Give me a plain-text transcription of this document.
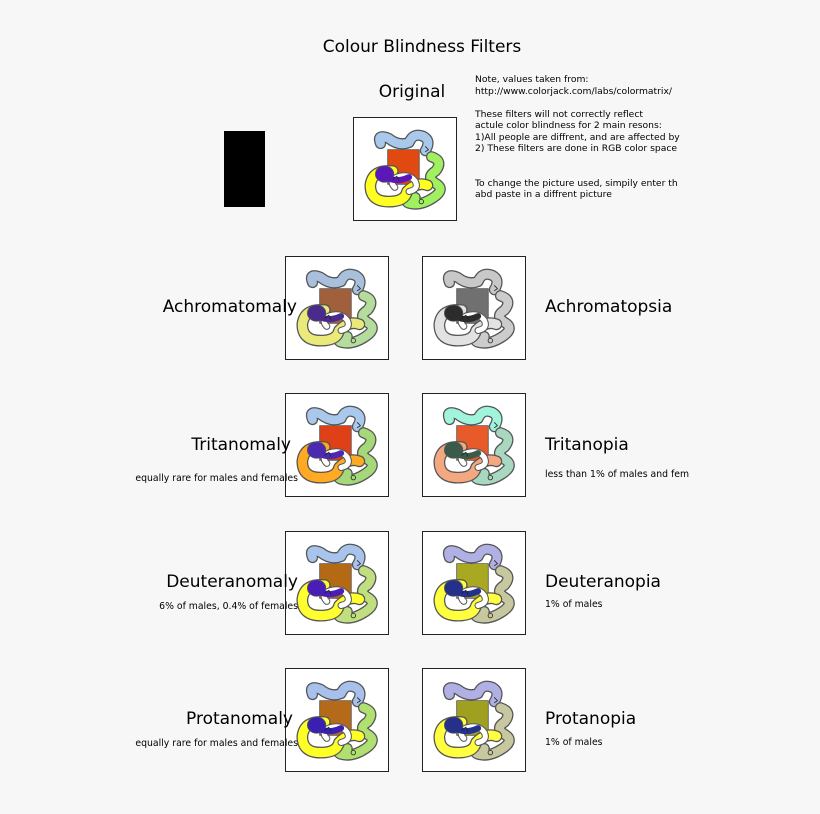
Colour Blindness Filters
Original
Note, values taken from:
http://www.colorjack.com/labs/colormatrix/
These filters will not correctly reflect
actule color blindness for 2 main resons:
1)All people are diffrent, and are affected by
2) These filters are done in RGB color space
To change the picture used, simpily enter th
abd paste in a diffrent picture
Achromatomaly	Achromatopsia
Tritanomaly
equally rare for males and females
Tritanopia
less than 1% of males and fem
Deuteranomaly
6% of males, 0.4% of females
Deuteranopia
1% of males
Protanomaly
equally rare for males and females
Protanopia
1% of males
